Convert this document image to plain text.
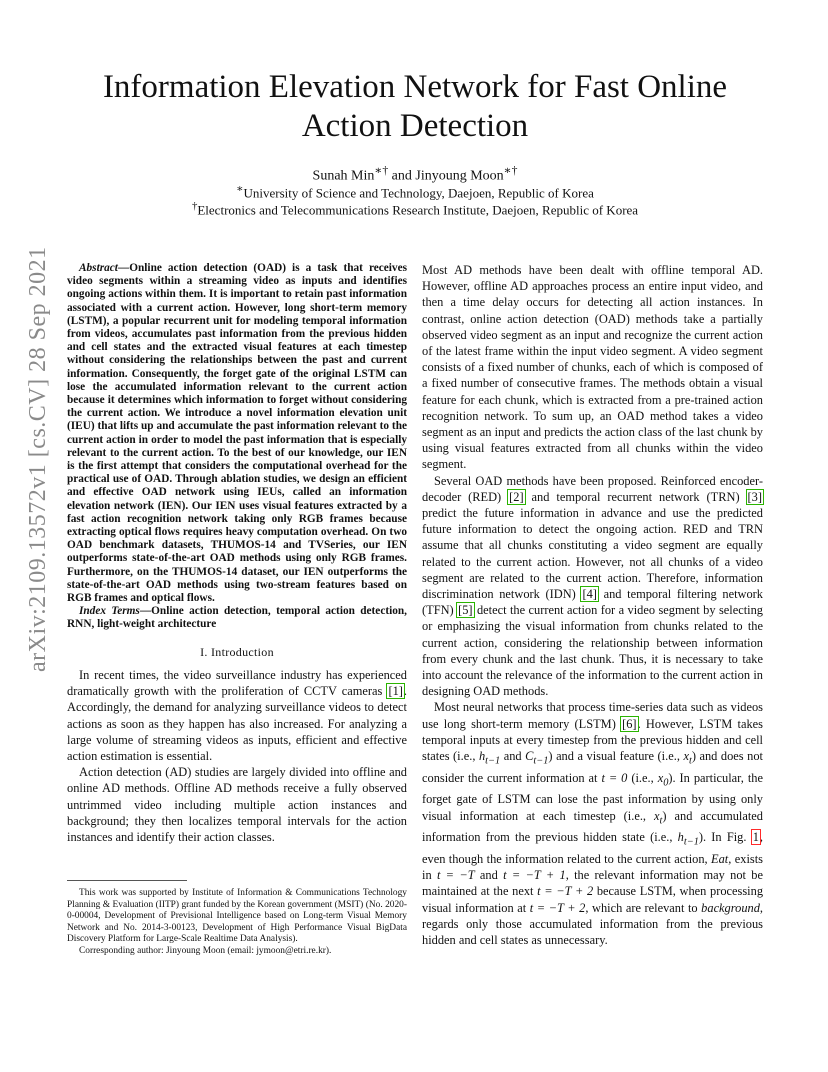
arXiv:2109.13572v1 [cs.CV] 28 Sep 2021
Information Elevation Network for Fast Online Action Detection
Sunah Min∗† and Jinyoung Moon∗†
∗University of Science and Technology, Daejoen, Republic of Korea
†Electronics and Telecommunications Research Institute, Daejoen, Republic of Korea

Abstract—Online action detection (OAD) is a task that receives video segments within a streaming video as inputs and identifies ongoing actions within them. It is important to retain past information associated with a current action. However, long short-term memory (LSTM), a popular recurrent unit for modeling temporal information from videos, accumulates past information from the previous hidden and cell states and the extracted visual features at each timestep without considering the relationships between the past and current information. Consequently, the forget gate of the original LSTM can lose the accumulated information relevant to the current action because it determines which information to forget without considering the current action. We introduce a novel information elevation unit (IEU) that lifts up and accumulate the past information relevant to the current action in order to model the past information that is especially relevant to the current action. To the best of our knowledge, our IEN is the first attempt that considers the computational overhead for the practical use of OAD. Through ablation studies, we design an efficient and effective OAD network using IEUs, called an information elevation network (IEN). Our IEN uses visual features extracted by a fast action recognition network taking only RGB frames because extracting optical flows requires heavy computation overhead. On two OAD benchmark datasets, THUMOS-14 and TVSeries, our IEN outperforms state-of-the-art OAD methods using only RGB frames. Furthermore, on the THUMOS-14 dataset, our IEN outperforms the state-of-the-art OAD methods using two-stream features based on RGB frames and optical flows.

Index Terms—Online action detection, temporal action detection, RNN, light-weight architecture

I. Introduction

In recent times, the video surveillance industry has experienced dramatically growth with the proliferation of CCTV cameras [1]. Accordingly, the demand for analyzing surveillance videos to detect actions as soon as they happen has also increased. For analyzing a large volume of streaming videos as inputs, efficient and effective action estimation is essential.

Action detection (AD) studies are largely divided into offline and online AD methods. Offline AD methods receive a fully observed untrimmed video including multiple action instances and background; they then localizes temporal intervals for the action instances and identify their action classes.

This work was supported by Institute of Information & Communications Technology Planning & Evaluation (IITP) grant funded by the Korean government (MSIT) (No. 2020-0-00004, Development of Previsional Intelligence based on Long-term Visual Memory Network and No. 2014-3-00123, Development of High Performance Visual BigData Discovery Platform for Large-Scale Realtime Data Analysis).

Corresponding author: Jinyoung Moon (email: jymoon@etri.re.kr).

Most AD methods have been dealt with offline temporal AD. However, offline AD approaches process an entire input video, and then a time delay occurs for detecting all action instances. In contrast, online action detection (OAD) methods take a partially observed video segment as an input and recognize the current action of the latest frame within the input video segment. A video segment consists of a fixed number of chunks, each of which is composed of a fixed number of consecutive frames. The methods obtain a visual feature for each chunk, which is extracted from a pre-trained action recognition network. To sum up, an OAD method takes a video segment as an input and predicts the action class of the last chunk by using visual features extracted from all chunks within the video segment.

Several OAD methods have been proposed. Reinforced encoder-decoder (RED) [2] and temporal recurrent network (TRN) [3] predict the future information in advance and use the predicted future information to detect the ongoing action. RED and TRN assume that all chunks constituting a video segment are equally related to the current action. However, not all chunks of a video segment are related to the current action. Therefore, information discrimination network (IDN) [4] and temporal filtering network (TFN) [5] detect the current action for a video segment by selecting or emphasizing the visual information from chunks related to the current action, considering the relationship between information from every chunk and the last chunk. Thus, it is necessary to take into account the relevance of the information to the current action in designing OAD methods.

Most neural networks that process time-series data such as videos use long short-term memory (LSTM) [6]. However, LSTM takes temporal inputs at every timestep from the previous hidden and cell states (i.e., $h_{t-1}$ and $C_{t-1}$) and a visual feature (i.e., $x_t$) and does not consider the current information at t = 0 (i.e., $x_0$). In particular, the forget gate of LSTM can lose the past information by using only visual information at each timestep (i.e., $x_t$) and accumulated information from the previous hidden state (i.e., $h_{t-1}$). In Fig. 1, even though the information related to the current action, Eat, exists in t = −T and t = −T + 1, the relevant information may not be maintained at the next t = −T + 2 because LSTM, when processing visual information at t = −T + 2, which are relevant to background, regards only those accumulated information from the previous hidden and cell states as unnecessary.
